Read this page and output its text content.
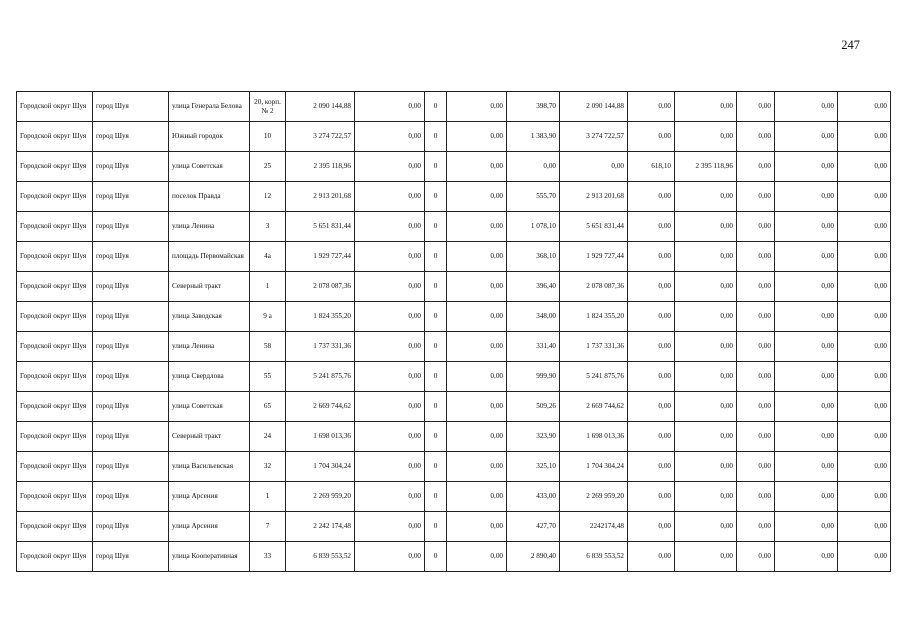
247
Городской округ Шуя	город Шуя	улица Генерала Белова	20, корп. № 2	2 090 144,88	0,00	0	0,00	398,70	2 090 144,88	0,00	0,00	0,00	0,00	0,00
Городской округ Шуя	город Шуя	Южный городок	10	3 274 722,57	0,00	0	0,00	1 383,90	3 274 722,57	0,00	0,00	0,00	0,00	0,00
Городской округ Шуя	город Шуя	улица Советская	25	2 395 118,96	0,00	0	0,00	0,00	0,00	618,10	2 395 118,96	0,00	0,00	0,00
Городской округ Шуя	город Шуя	поселок Правда	12	2 913 201,68	0,00	0	0,00	555,70	2 913 201,68	0,00	0,00	0,00	0,00	0,00
Городской округ Шуя	город Шуя	улица Ленина	3	5 651 831,44	0,00	0	0,00	1 078,10	5 651 831,44	0,00	0,00	0,00	0,00	0,00
Городской округ Шуя	город Шуя	площадь Первомайская	4а	1 929 727,44	0,00	0	0,00	368,10	1 929 727,44	0,00	0,00	0,00	0,00	0,00
Городской округ Шуя	город Шуя	Северный тракт	1	2 078 087,36	0,00	0	0,00	396,40	2 078 087,36	0,00	0,00	0,00	0,00	0,00
Городской округ Шуя	город Шуя	улица Заводская	9 а	1 824 355,20	0,00	0	0,00	348,00	1 824 355,20	0,00	0,00	0,00	0,00	0,00
Городской округ Шуя	город Шуя	улица Ленина	58	1 737 331,36	0,00	0	0,00	331,40	1 737 331,36	0,00	0,00	0,00	0,00	0,00
Городской округ Шуя	город Шуя	улица Свердлова	55	5 241 875,76	0,00	0	0,00	999,90	5 241 875,76	0,00	0,00	0,00	0,00	0,00
Городской округ Шуя	город Шуя	улица Советская	65	2 669 744,62	0,00	0	0,00	509,26	2 669 744,62	0,00	0,00	0,00	0,00	0,00
Городской округ Шуя	город Шуя	Северный тракт	24	1 698 013,36	0,00	0	0,00	323,90	1 698 013,36	0,00	0,00	0,00	0,00	0,00
Городской округ Шуя	город Шуя	улица Васильевская	32	1 704 304,24	0,00	0	0,00	325,10	1 704 304,24	0,00	0,00	0,00	0,00	0,00
Городской округ Шуя	город Шуя	улица Арсения	1	2 269 959,20	0,00	0	0,00	433,00	2 269 959,20	0,00	0,00	0,00	0,00	0,00
Городской округ Шуя	город Шуя	улица Арсения	7	2 242 174,48	0,00	0	0,00	427,70	2242174,48	0,00	0,00	0,00	0,00	0,00
Городской округ Шуя	город Шуя	улица Кооперативная	33	6 839 553,52	0,00	0	0,00	2 890,40	6 839 553,52	0,00	0,00	0,00	0,00	0,00
